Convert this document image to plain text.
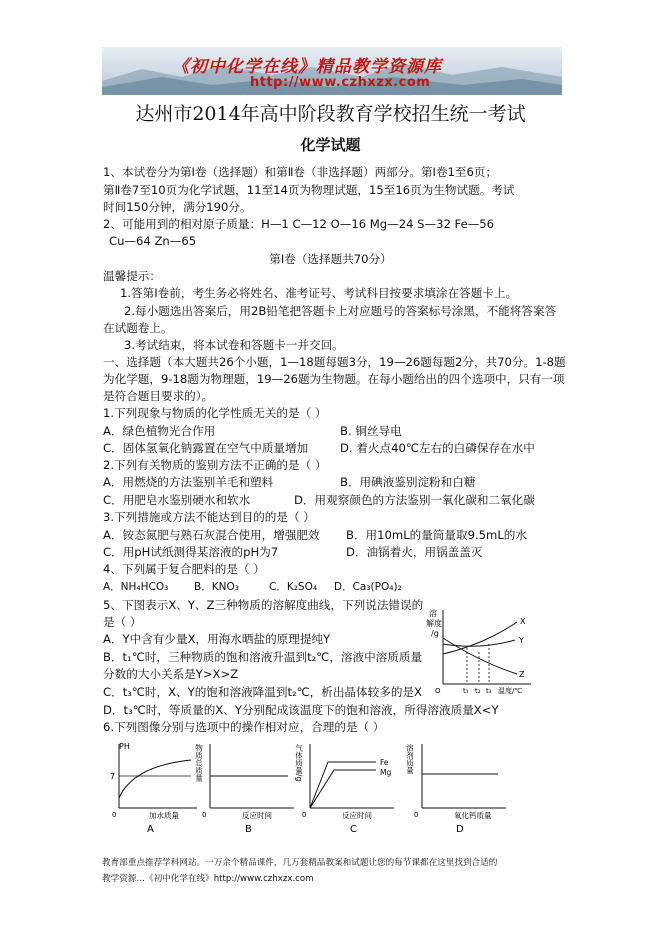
《初中化学在线》精品教学资源库
http://www.czhxzx.com
达州市2014年高中阶段教育学校招生统一考试
化学试题
1、本试卷分为第Ⅰ卷（选择题）和第Ⅱ卷（非选择题）两部分。第Ⅰ卷1至6页；
第Ⅱ卷7至10页为化学试题，11至14页为物理试题，15至16页为生物试题。考试
时间150分钟，满分190分。
2、可能用到的相对原子质量：H—1 C—12 O—16 Mg—24 S—32 Fe—56
Cu—64 Zn—65
第Ⅰ卷（选择题共70分）
温馨提示：
1.答第Ⅰ卷前，考生务必将姓名、准考证号、考试科目按要求填涂在答题卡上。
2.每小题选出答案后，用2B铅笔把答题卡上对应题号的答案标号涂黑，不能将答案答
在试题卷上。
3.考试结束，将本试卷和答题卡一并交回。
一、选择题（本大题共26个小题，1—18题每题3分，19—26题每题2分，共70分。1-8题
为化学题，9-18题为物理题，19—26题为生物题。在每小题给出的四个选项中，只有一项
是符合题目要求的）。
1.下列现象与物质的化学性质无关的是（ ）
A．绿色植物光合作用	B. 铜丝导电
C．固体氢氧化钠露置在空气中质量增加	D. 着火点40℃左右的白磷保存在水中
2.下列有关物质的鉴别方法不正确的是（ ）
A．用燃烧的方法鉴别羊毛和塑料	B．用碘液鉴别淀粉和白糖
C．用肥皂水鉴别硬水和软水	D．用观察颜色的方法鉴别一氧化碳和二氧化碳
3.下列措施或方法不能达到目的的是（ ）
A．铵态氮肥与熟石灰混合使用，增强肥效 B．用10mL的量筒量取9.5mL的水
C．用pH试纸测得某溶液的pH为7	D．油锅着火，用锅盖盖灭
4、下列属于复合肥料的是（ ）
A．NH₄HCO₃ B．KNO₃	C．K₂SO₄ D．Ca₃(PO₄)₂
5、下图表示X、Y、Z三种物质的溶解度曲线，下列说法错误的
是（ ）
A．Y中含有少量X，用海水晒盐的原理提纯Y
B．t₁℃时，三种物质的饱和溶液升温到t₂℃，溶液中溶质质量
分数的大小关系是Y>X>Z
C．t₃℃时，X、Y的饱和溶液降温到t₂℃，析出晶体较多的是X
D．t₃℃时，等质量的X、Y分别配成该温度下的饱和溶液，所得溶液质量X<Y
溶
解度
/g
X
Y
Z
O	t₁ t₂ t₃ 温度/℃
6.下列图像分别与选项中的操作相对应，合理的是（ ）
PH
7
0	加水质量
A
物质总质量
0	反应时间
B
气体质量/g	Fe
Mg
0	反应时间
C
溶剂质量
0	氧化钙质量
D
教育部重点推荐学科网站。一万余个精品课件，几万套精品教案和试题让您的每节课都在这里找到合适的
教学资源…《初中化学在线》http://www.czhxzx.com
